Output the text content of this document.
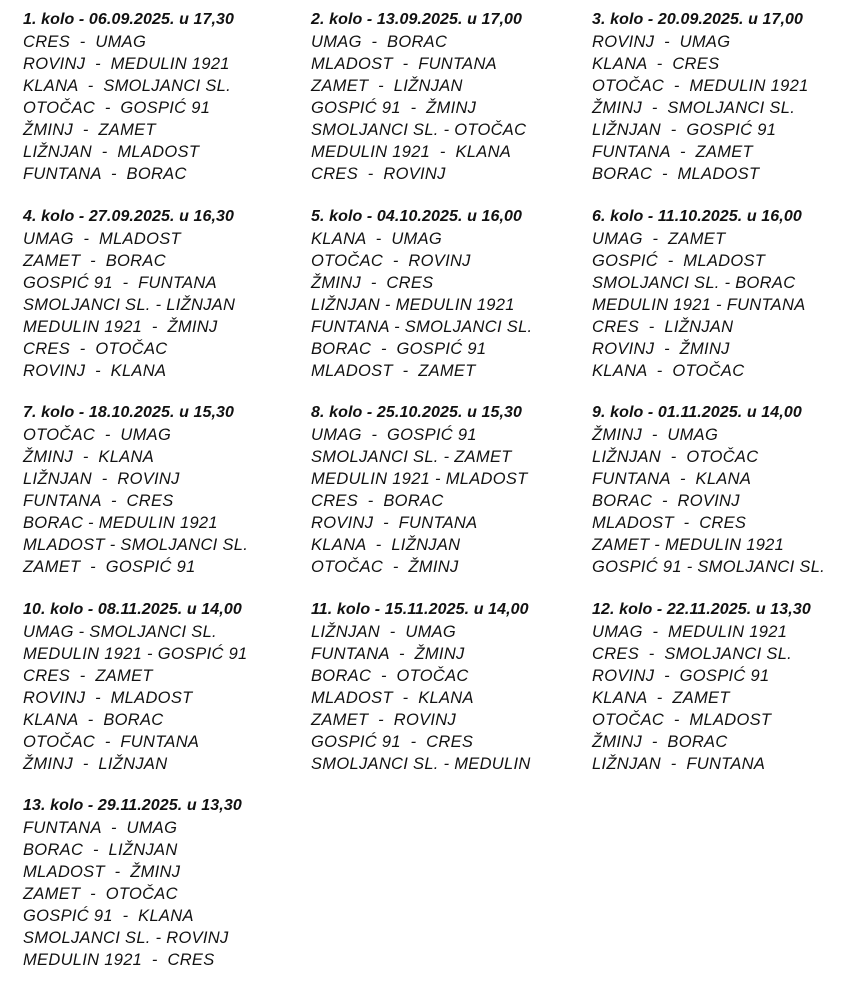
1. kolo - 06.09.2025. u 17,30
CRES  -  UMAG
ROVINJ  -  MEDULIN 1921
KLANA  -  SMOLJANCI SL.
OTOČAC  -  GOSPIĆ 91
ŽMINJ  -  ZAMET
LIŽNJAN  -  MLADOST
FUNTANA  -  BORAC
2. kolo - 13.09.2025. u 17,00
UMAG  -  BORAC
MLADOST  -  FUNTANA
ZAMET  -  LIŽNJAN
GOSPIĆ 91  -  ŽMINJ
SMOLJANCI SL. - OTOČAC
MEDULIN 1921  -  KLANA
CRES  -  ROVINJ
3. kolo - 20.09.2025. u 17,00
ROVINJ  -  UMAG
KLANA  -  CRES
OTOČAC  -  MEDULIN 1921
ŽMINJ  -  SMOLJANCI SL.
LIŽNJAN  -  GOSPIĆ 91
FUNTANA  -  ZAMET
BORAC  -  MLADOST
4. kolo - 27.09.2025. u 16,30
UMAG  -  MLADOST
ZAMET  -  BORAC
GOSPIĆ 91  -  FUNTANA
SMOLJANCI SL. - LIŽNJAN
MEDULIN 1921  -  ŽMINJ
CRES  -  OTOČAC
ROVINJ  -  KLANA
5. kolo - 04.10.2025. u 16,00
KLANA  -  UMAG
OTOČAC  -  ROVINJ
ŽMINJ  -  CRES
LIŽNJAN - MEDULIN 1921
FUNTANA - SMOLJANCI SL.
BORAC  -  GOSPIĆ 91
MLADOST  -  ZAMET
6. kolo - 11.10.2025. u 16,00
UMAG  -  ZAMET
GOSPIĆ  -  MLADOST
SMOLJANCI SL. - BORAC
MEDULIN 1921 - FUNTANA
CRES  -  LIŽNJAN
ROVINJ  -  ŽMINJ
KLANA  -  OTOČAC
7. kolo - 18.10.2025. u 15,30
OTOČAC  -  UMAG
ŽMINJ  -  KLANA
LIŽNJAN  -  ROVINJ
FUNTANA  -  CRES
BORAC - MEDULIN 1921
MLADOST - SMOLJANCI SL.
ZAMET  -  GOSPIĆ 91
8. kolo - 25.10.2025. u 15,30
UMAG  -  GOSPIĆ 91
SMOLJANCI SL. - ZAMET
MEDULIN 1921 - MLADOST
CRES  -  BORAC
ROVINJ  -  FUNTANA
KLANA  -  LIŽNJAN
OTOČAC  -  ŽMINJ
9. kolo - 01.11.2025. u 14,00
ŽMINJ  -  UMAG
LIŽNJAN  -  OTOČAC
FUNTANA  -  KLANA
BORAC  -  ROVINJ
MLADOST  -  CRES
ZAMET - MEDULIN 1921
GOSPIĆ 91 - SMOLJANCI SL.
10. kolo - 08.11.2025. u 14,00
UMAG - SMOLJANCI SL.
MEDULIN 1921 - GOSPIĆ 91
CRES  -  ZAMET
ROVINJ  -  MLADOST
KLANA  -  BORAC
OTOČAC  -  FUNTANA
ŽMINJ  -  LIŽNJAN
11. kolo - 15.11.2025. u 14,00
LIŽNJAN  -  UMAG
FUNTANA  -  ŽMINJ
BORAC  -  OTOČAC
MLADOST  -  KLANA
ZAMET  -  ROVINJ
GOSPIĆ 91  -  CRES
SMOLJANCI SL. - MEDULIN
12. kolo - 22.11.2025. u 13,30
UMAG  -  MEDULIN 1921
CRES  -  SMOLJANCI SL.
ROVINJ  -  GOSPIĆ 91
KLANA  -  ZAMET
OTOČAC  -  MLADOST
ŽMINJ  -  BORAC
LIŽNJAN  -  FUNTANA
13. kolo - 29.11.2025. u 13,30
FUNTANA  -  UMAG
BORAC  -  LIŽNJAN
MLADOST  -  ŽMINJ
ZAMET  -  OTOČAC
GOSPIĆ 91  -  KLANA
SMOLJANCI SL. - ROVINJ
MEDULIN 1921  -  CRES
